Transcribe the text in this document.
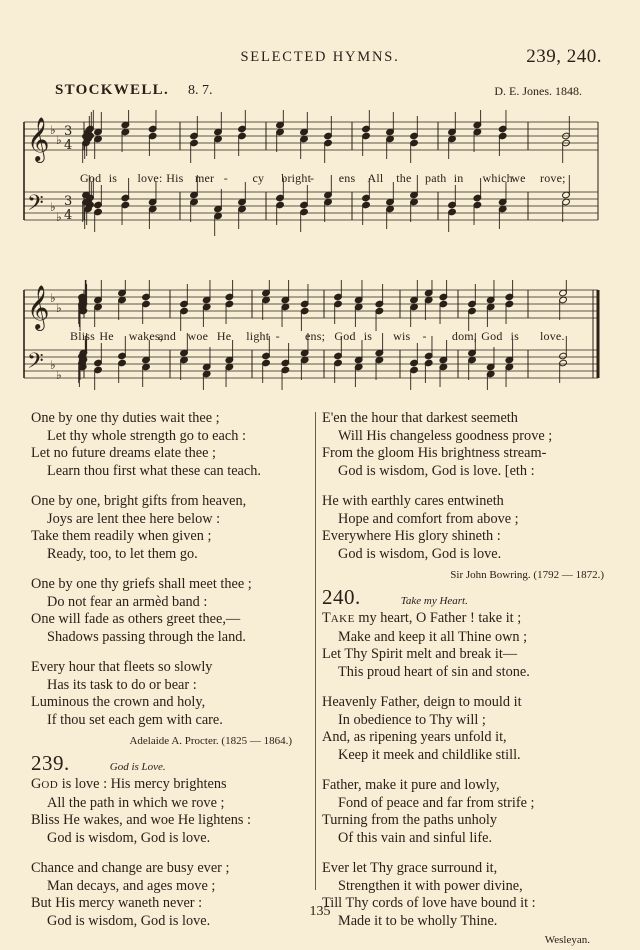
SELECTED HYMNS.	239, 240.
STOCKWELL. 8. 7.	D. E. Jones. 1848.
𝄞
𝄢
♭
♭
♭
♭
3
4
3
4
God is love: His mer - cy bright
- ens All the path in which
we rove;
𝄞
𝄢
♭
♭
♭
♭
Bliss He wakes,
and woe He light - ens; God is wis - dom, God is love.
One by one thy duties wait thee ;
Let thy whole strength go to each :
Let no future dreams elate thee ;
Learn thou first what these can teach.
One by one, bright gifts from heaven,
Joys are lent thee here below :
Take them readily when given ;
Ready, too, to let them go.
One by one thy griefs shall meet thee ;
Do not fear an armèd band :
One will fade as others greet thee,—
Shadows passing through the land.
Every hour that fleets so slowly
Has its task to do or bear :
Luminous the crown and holy,
If thou set each gem with care.
Adelaide A. Procter. (1825 — 1864.)
239.	God is Love.
GOD is love : His mercy brightens
All the path in which we rove ;
Bliss He wakes, and woe He lightens :
God is wisdom, God is love.
Chance and change are busy ever ;
Man decays, and ages move ;
But His mercy waneth never :
God is wisdom, God is love.
E'en the hour that darkest seemeth
Will His changeless goodness prove ;
From the gloom His brightness stream-
God is wisdom, God is love. [eth :
He with earthly cares entwineth
Hope and comfort from above ;
Everywhere His glory shineth :
God is wisdom, God is love.
Sir John Bowring. (1792 — 1872.)
240.	Take my Heart.
TAKE my heart, O Father ! take it ;
Make and keep it all Thine own ;
Let Thy Spirit melt and break it—
This proud heart of sin and stone.
Heavenly Father, deign to mould it
In obedience to Thy will ;
And, as ripening years unfold it,
Keep it meek and childlike still.
Father, make it pure and lowly,
Fond of peace and far from strife ;
Turning from the paths unholy
Of this vain and sinful life.
Ever let Thy grace surround it,
Strengthen it with power divine,
Till Thy cords of love have bound it :
Made it to be wholly Thine.
Wesleyan.
135
